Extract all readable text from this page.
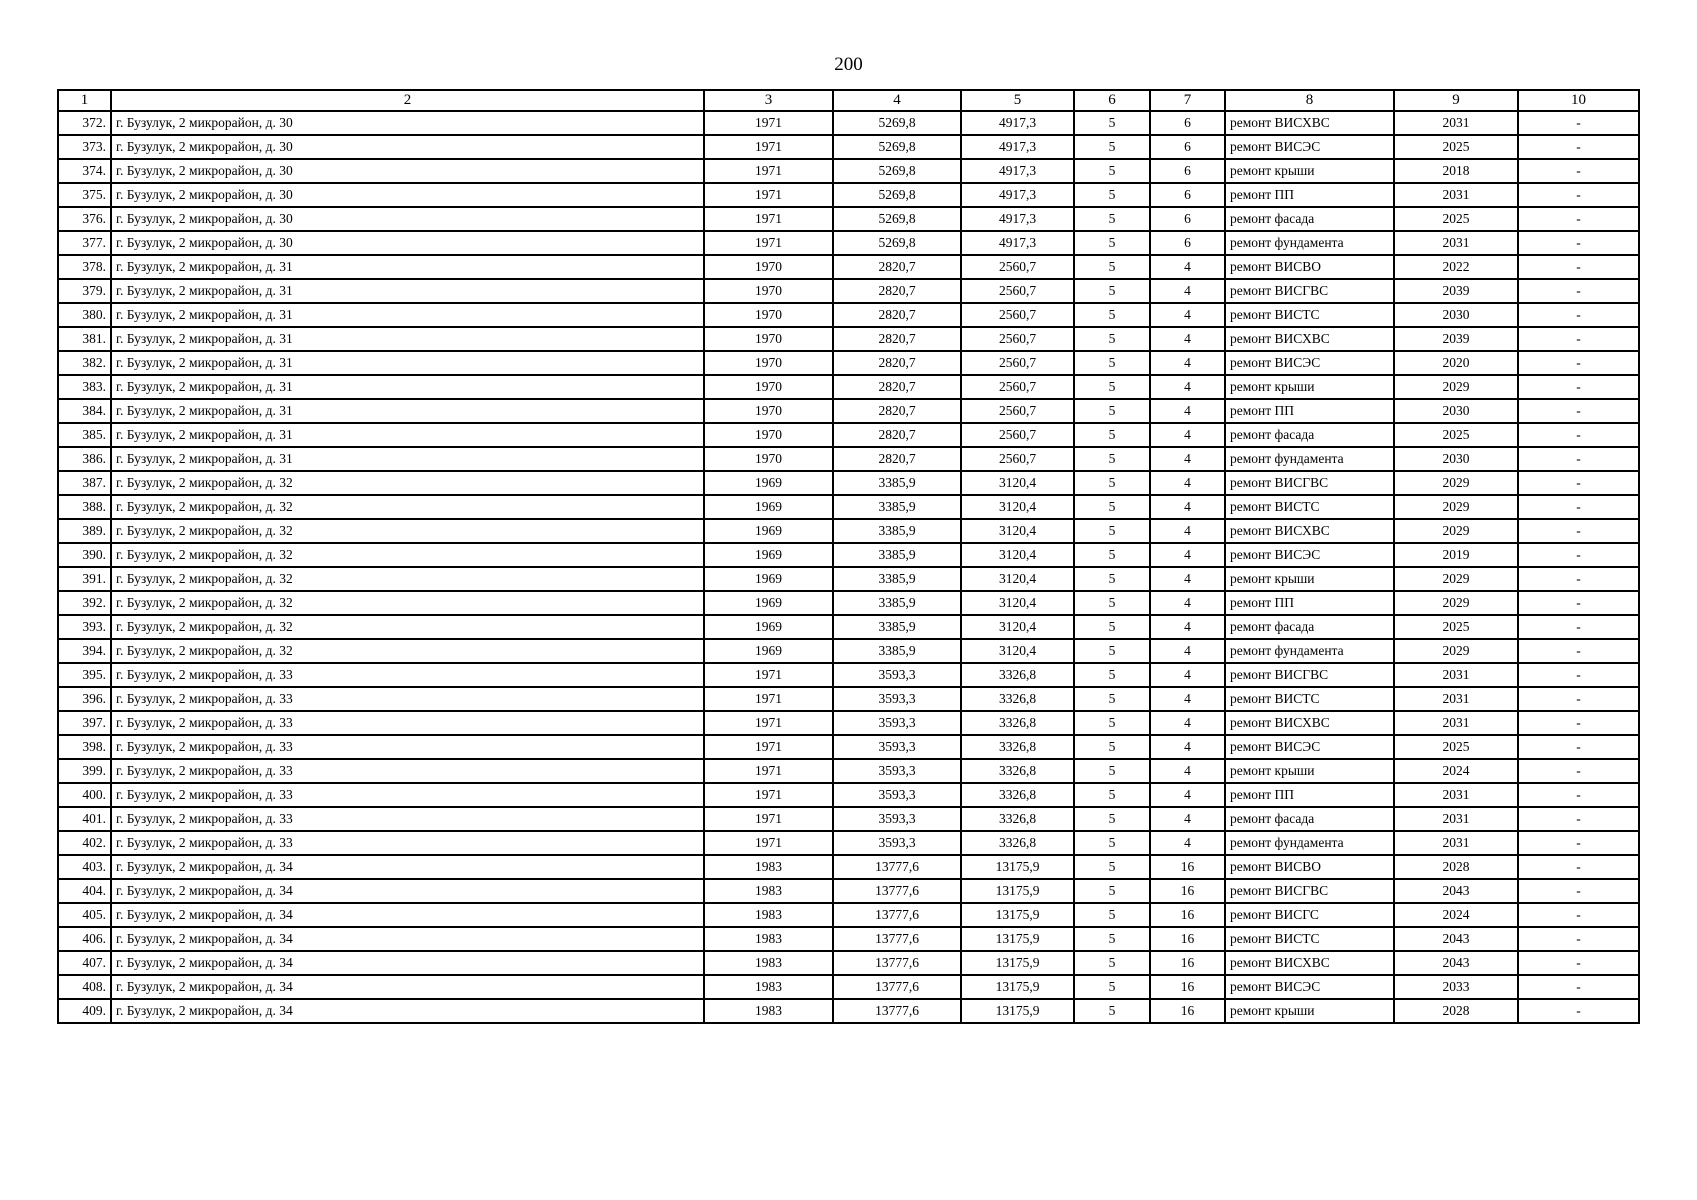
200
1	2	3	4	5	6	7	8	9	10
372.	г. Бузулук, 2 микрорайон, д. 30	1971	5269,8	4917,3	5	6	ремонт ВИСХВС	2031	-
373.	г. Бузулук, 2 микрорайон, д. 30	1971	5269,8	4917,3	5	6	ремонт ВИСЭС	2025	-
374.	г. Бузулук, 2 микрорайон, д. 30	1971	5269,8	4917,3	5	6	ремонт крыши	2018	-
375.	г. Бузулук, 2 микрорайон, д. 30	1971	5269,8	4917,3	5	6	ремонт ПП	2031	-
376.	г. Бузулук, 2 микрорайон, д. 30	1971	5269,8	4917,3	5	6	ремонт фасада	2025	-
377.	г. Бузулук, 2 микрорайон, д. 30	1971	5269,8	4917,3	5	6	ремонт фундамента	2031	-
378.	г. Бузулук, 2 микрорайон, д. 31	1970	2820,7	2560,7	5	4	ремонт ВИСВО	2022	-
379.	г. Бузулук, 2 микрорайон, д. 31	1970	2820,7	2560,7	5	4	ремонт ВИСГВС	2039	-
380.	г. Бузулук, 2 микрорайон, д. 31	1970	2820,7	2560,7	5	4	ремонт ВИСТС	2030	-
381.	г. Бузулук, 2 микрорайон, д. 31	1970	2820,7	2560,7	5	4	ремонт ВИСХВС	2039	-
382.	г. Бузулук, 2 микрорайон, д. 31	1970	2820,7	2560,7	5	4	ремонт ВИСЭС	2020	-
383.	г. Бузулук, 2 микрорайон, д. 31	1970	2820,7	2560,7	5	4	ремонт крыши	2029	-
384.	г. Бузулук, 2 микрорайон, д. 31	1970	2820,7	2560,7	5	4	ремонт ПП	2030	-
385.	г. Бузулук, 2 микрорайон, д. 31	1970	2820,7	2560,7	5	4	ремонт фасада	2025	-
386.	г. Бузулук, 2 микрорайон, д. 31	1970	2820,7	2560,7	5	4	ремонт фундамента	2030	-
387.	г. Бузулук, 2 микрорайон, д. 32	1969	3385,9	3120,4	5	4	ремонт ВИСГВС	2029	-
388.	г. Бузулук, 2 микрорайон, д. 32	1969	3385,9	3120,4	5	4	ремонт ВИСТС	2029	-
389.	г. Бузулук, 2 микрорайон, д. 32	1969	3385,9	3120,4	5	4	ремонт ВИСХВС	2029	-
390.	г. Бузулук, 2 микрорайон, д. 32	1969	3385,9	3120,4	5	4	ремонт ВИСЭС	2019	-
391.	г. Бузулук, 2 микрорайон, д. 32	1969	3385,9	3120,4	5	4	ремонт крыши	2029	-
392.	г. Бузулук, 2 микрорайон, д. 32	1969	3385,9	3120,4	5	4	ремонт ПП	2029	-
393.	г. Бузулук, 2 микрорайон, д. 32	1969	3385,9	3120,4	5	4	ремонт фасада	2025	-
394.	г. Бузулук, 2 микрорайон, д. 32	1969	3385,9	3120,4	5	4	ремонт фундамента	2029	-
395.	г. Бузулук, 2 микрорайон, д. 33	1971	3593,3	3326,8	5	4	ремонт ВИСГВС	2031	-
396.	г. Бузулук, 2 микрорайон, д. 33	1971	3593,3	3326,8	5	4	ремонт ВИСТС	2031	-
397.	г. Бузулук, 2 микрорайон, д. 33	1971	3593,3	3326,8	5	4	ремонт ВИСХВС	2031	-
398.	г. Бузулук, 2 микрорайон, д. 33	1971	3593,3	3326,8	5	4	ремонт ВИСЭС	2025	-
399.	г. Бузулук, 2 микрорайон, д. 33	1971	3593,3	3326,8	5	4	ремонт крыши	2024	-
400.	г. Бузулук, 2 микрорайон, д. 33	1971	3593,3	3326,8	5	4	ремонт ПП	2031	-
401.	г. Бузулук, 2 микрорайон, д. 33	1971	3593,3	3326,8	5	4	ремонт фасада	2031	-
402.	г. Бузулук, 2 микрорайон, д. 33	1971	3593,3	3326,8	5	4	ремонт фундамента	2031	-
403.	г. Бузулук, 2 микрорайон, д. 34	1983	13777,6	13175,9	5	16	ремонт ВИСВО	2028	-
404.	г. Бузулук, 2 микрорайон, д. 34	1983	13777,6	13175,9	5	16	ремонт ВИСГВС	2043	-
405.	г. Бузулук, 2 микрорайон, д. 34	1983	13777,6	13175,9	5	16	ремонт ВИСГС	2024	-
406.	г. Бузулук, 2 микрорайон, д. 34	1983	13777,6	13175,9	5	16	ремонт ВИСТС	2043	-
407.	г. Бузулук, 2 микрорайон, д. 34	1983	13777,6	13175,9	5	16	ремонт ВИСХВС	2043	-
408.	г. Бузулук, 2 микрорайон, д. 34	1983	13777,6	13175,9	5	16	ремонт ВИСЭС	2033	-
409.	г. Бузулук, 2 микрорайон, д. 34	1983	13777,6	13175,9	5	16	ремонт крыши	2028	-
